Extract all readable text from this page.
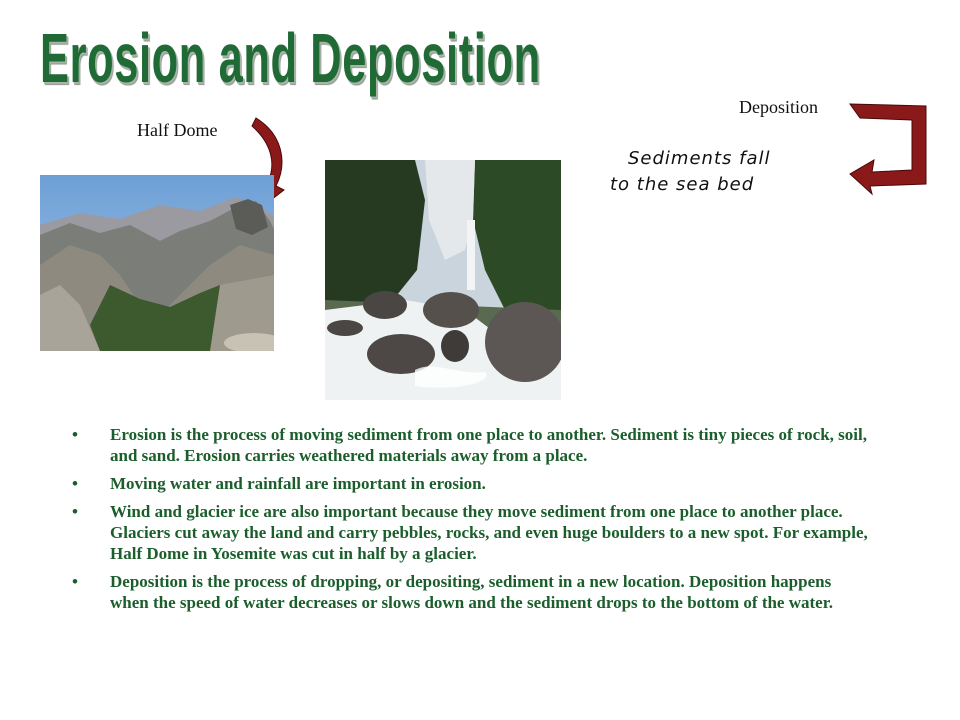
Erosion and Deposition

Half Dome

Deposition

Sediments fall
to the sea bed
• Erosion is the process of moving sediment from one place to another. Sediment is tiny pieces of rock, soil, and sand. Erosion carries weathered materials away from a place.
• Moving water and rainfall are important in erosion.
• Wind and glacier ice are also important because they move sediment from one place to another place. Glaciers cut away the land and carry pebbles, rocks, and even huge boulders to a new spot. For example, Half Dome in Yosemite was cut in half by a glacier.
• Deposition is the process of dropping, or depositing, sediment in a new location. Deposition happens when the speed of water decreases or slows down and the sediment drops to the bottom of the water.
